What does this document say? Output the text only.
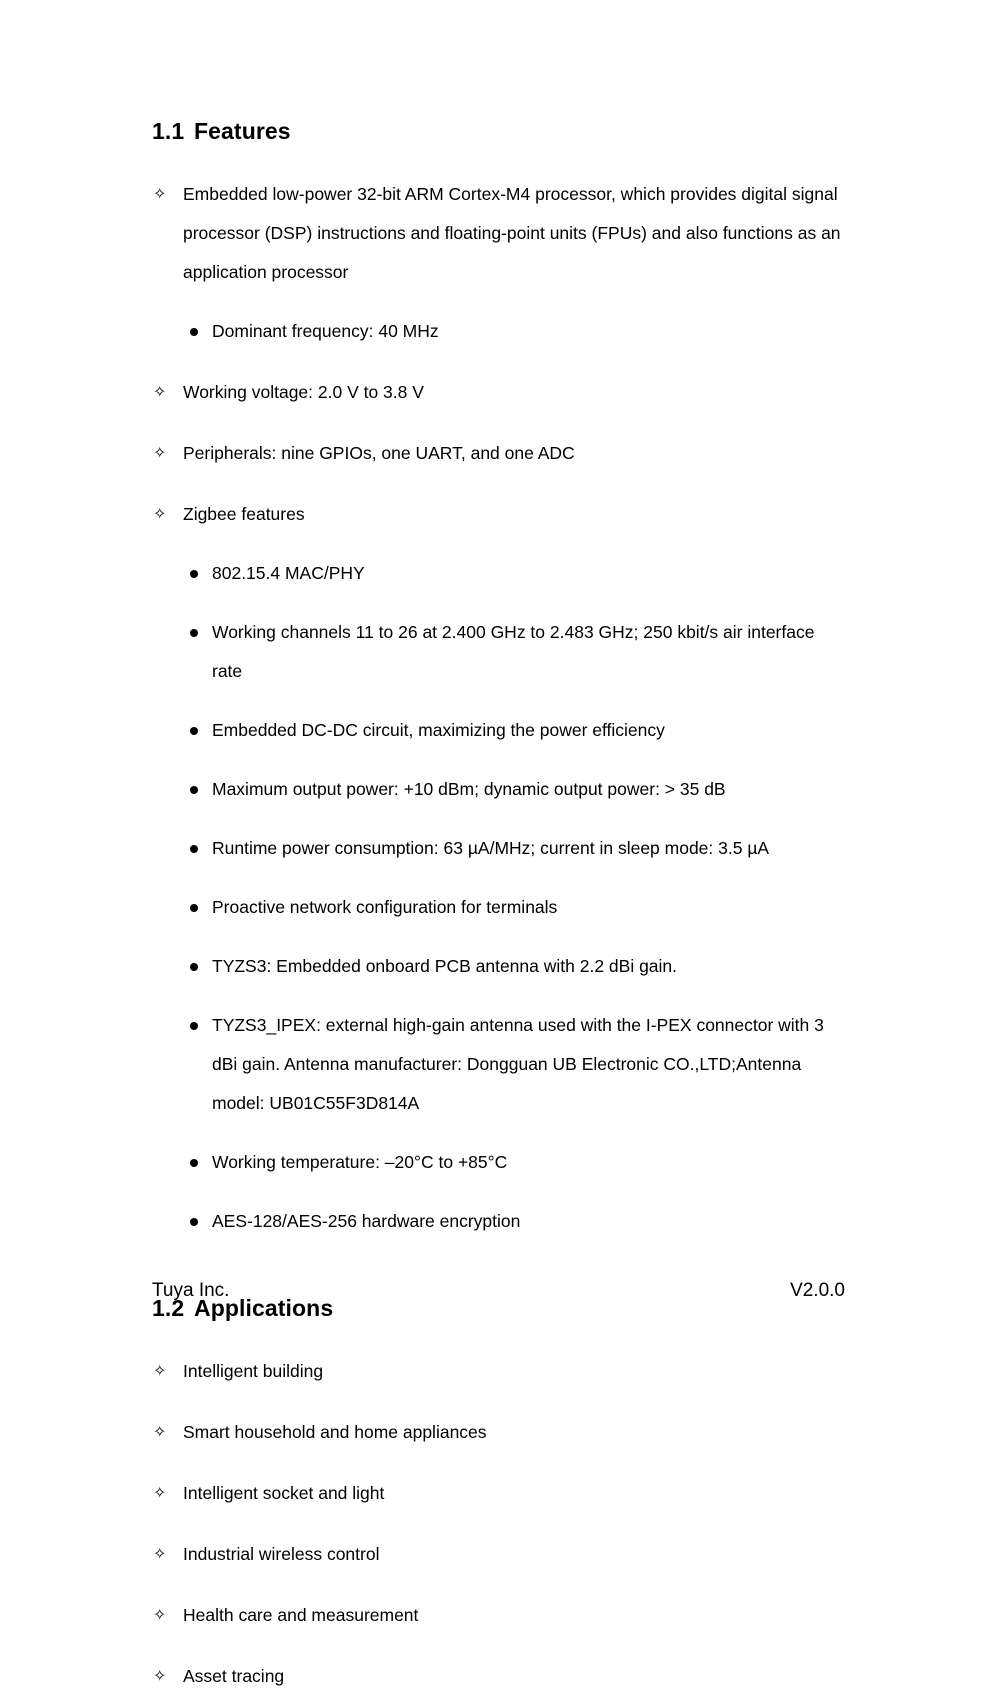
1.1 Features
✧ Embedded low-power 32-bit ARM Cortex-M4 processor, which provides digital signal processor (DSP) instructions and floating-point units (FPUs) and also functions as an application processor
Dominant frequency: 40 MHz
✧ Working voltage: 2.0 V to 3.8 V
✧ Peripherals: nine GPIOs, one UART, and one ADC
✧ Zigbee features
802.15.4 MAC/PHY
Working channels 11 to 26 at 2.400 GHz to 2.483 GHz; 250 kbit/s air interface rate
Embedded DC-DC circuit, maximizing the power efficiency
Maximum output power: +10 dBm; dynamic output power: > 35 dB
Runtime power consumption: 63 µA/MHz; current in sleep mode: 3.5 µA
Proactive network configuration for terminals
TYZS3: Embedded onboard PCB antenna with 2.2 dBi gain.
TYZS3_IPEX: external high-gain antenna used with the I-PEX connector with 3 dBi gain. Antenna manufacturer: Dongguan UB Electronic CO.,LTD;Antenna model: UB01C55F3D814A
Working temperature: –20°C to +85°C
AES-128/AES-256 hardware encryption
1.2 Applications
✧ Intelligent building
✧ Smart household and home appliances
✧ Intelligent socket and light
✧ Industrial wireless control
✧ Health care and measurement
✧ Asset tracing
Tuya Inc.	V2.0.0
